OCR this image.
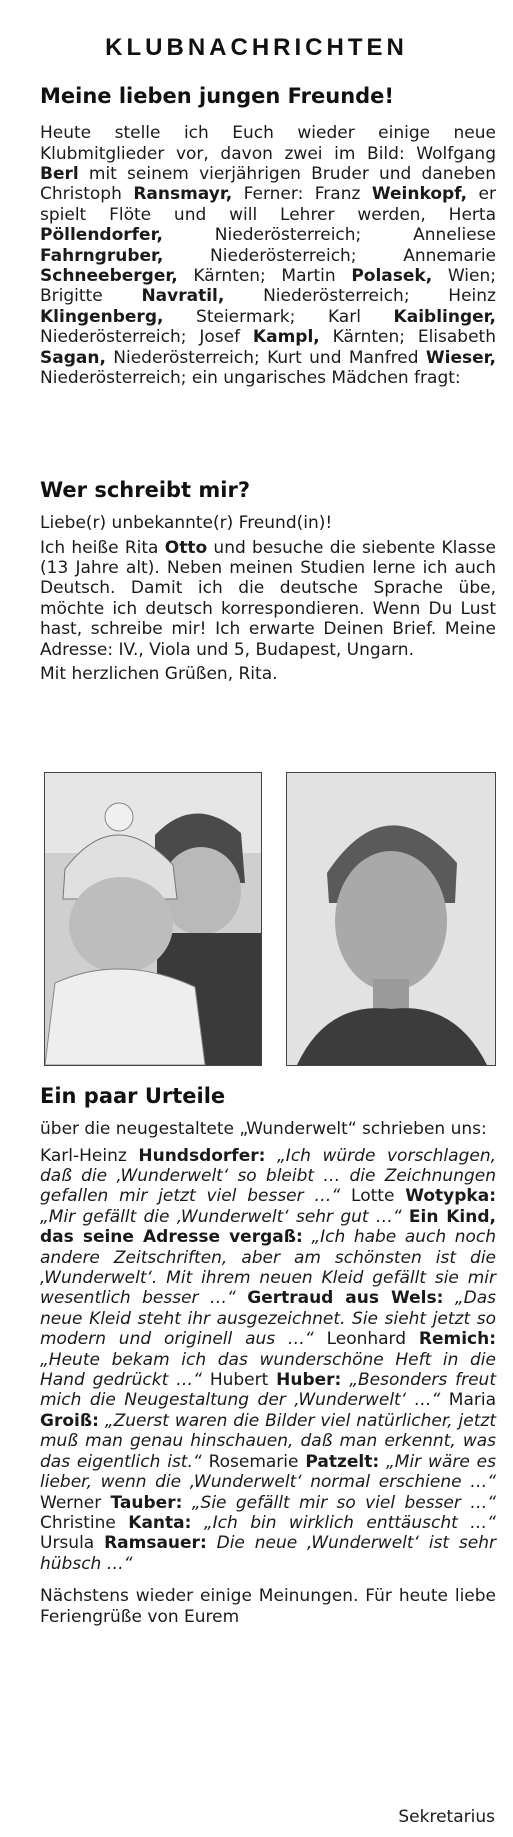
KLUBNACHRICHTEN
Meine lieben jungen Freunde!

Heute stelle ich Euch wieder einige neue Klubmitglieder vor, davon zwei im Bild: Wolfgang Berl mit seinem vierjährigen Bruder und daneben Christoph Ransmayr, Ferner: Franz Weinkopf, er spielt Flöte und will Lehrer werden, Herta Pöllendorfer, Niederösterreich; Anneliese Fahrngruber, Niederösterreich; Annemarie Schneeberger, Kärnten; Martin Polasek, Wien; Brigitte Navratil, Niederösterreich; Heinz Klingenberg, Steiermark; Karl Kaiblinger, Niederösterreich; Josef Kampl, Kärnten; Elisabeth Sagan, Niederösterreich; Kurt und Manfred Wieser, Niederösterreich; ein ungarisches Mädchen fragt:

Wer schreibt mir?

Liebe(r) unbekannte(r) Freund(in)!

Ich heiße Rita Otto und besuche die siebente Klasse (13 Jahre alt). Neben meinen Studien lerne ich auch Deutsch. Damit ich die deutsche Sprache übe, möchte ich deutsch korrespondieren. Wenn Du Lust hast, schreibe mir! Ich erwarte Deinen Brief. Meine Adresse: IV., Viola und 5, Budapest, Ungarn.

Mit herzlichen Grüßen, Rita.

Ein paar Urteile

über die neugestaltete „Wunderwelt“ schrieben uns:

Karl-Heinz Hundsdorfer: „Ich würde vorschlagen, daß die ‚Wunderwelt‘ so bleibt … die Zeichnungen gefallen mir jetzt viel besser …“ Lotte Wotypka: „Mir gefällt die ‚Wunderwelt‘ sehr gut …“ Ein Kind, das seine Adresse vergaß: „Ich habe auch noch andere Zeitschriften, aber am schönsten ist die ‚Wunderwelt‘. Mit ihrem neuen Kleid gefällt sie mir wesentlich besser …“ Gertraud aus Wels: „Das neue Kleid steht ihr ausgezeichnet. Sie sieht jetzt so modern und originell aus …“ Leonhard Remich: „Heute bekam ich das wunderschöne Heft in die Hand gedrückt …“ Hubert Huber: „Besonders freut mich die Neugestaltung der ‚Wunderwelt‘ …“ Maria Groiß: „Zuerst waren die Bilder viel natürlicher, jetzt muß man genau hinschauen, daß man erkennt, was das eigentlich ist.“ Rosemarie Patzelt: „Mir wäre es lieber, wenn die ‚Wunderwelt‘ normal erschiene …“ Werner Tauber: „Sie gefällt mir so viel besser …“ Christine Kanta: „Ich bin wirklich enttäuscht …“ Ursula Ramsauer: Die neue ‚Wunderwelt‘ ist sehr hübsch …“

Nächstens wieder einige Meinungen. Für heute liebe Feriengrüße von Eurem

Sekretarius
